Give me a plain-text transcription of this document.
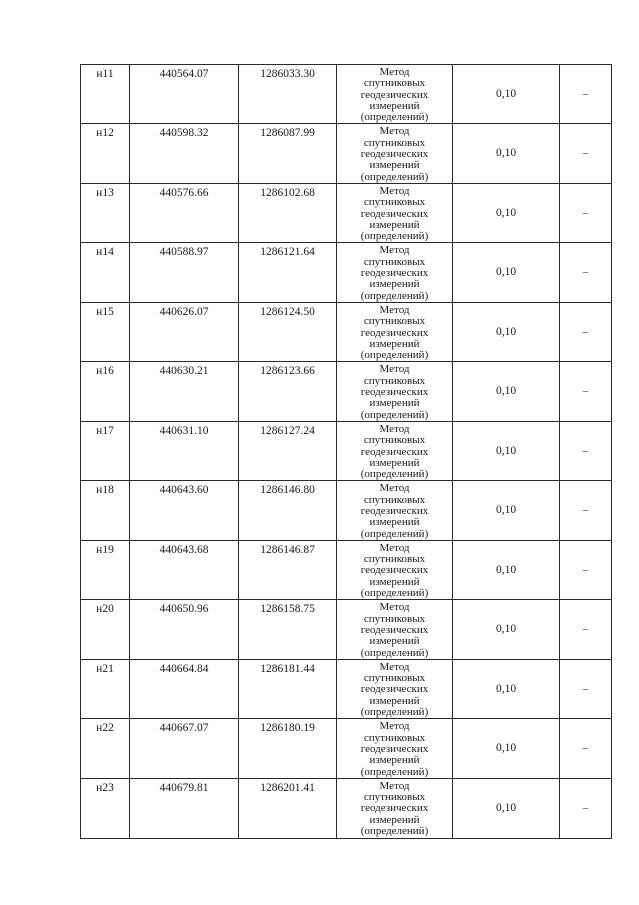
н11	440564.07	1286033.30	Метод
спутниковых
геодезических
измерений
(определений)	0,10	–

н12	440598.32	1286087.99	Метод
спутниковых
геодезических
измерений
(определений)	0,10	–

н13	440576.66	1286102.68	Метод
спутниковых
геодезических
измерений
(определений)	0,10	–

н14	440588.97	1286121.64	Метод
спутниковых
геодезических
измерений
(определений)	0,10	–

н15	440626.07	1286124.50	Метод
спутниковых
геодезических
измерений
(определений)	0,10	–

н16	440630.21	1286123.66	Метод
спутниковых
геодезических
измерений
(определений)	0,10	–

н17	440631.10	1286127.24	Метод
спутниковых
геодезических
измерений
(определений)	0,10	–

н18	440643.60	1286146.80	Метод
спутниковых
геодезических
измерений
(определений)	0,10	–

н19	440643.68	1286146.87	Метод
спутниковых
геодезических
измерений
(определений)	0,10	–

н20	440650.96	1286158.75	Метод
спутниковых
геодезических
измерений
(определений)	0,10	–

н21	440664.84	1286181.44	Метод
спутниковых
геодезических
измерений
(определений)	0,10	–

н22	440667.07	1286180.19	Метод
спутниковых
геодезических
измерений
(определений)	0,10	–

н23	440679.81	1286201.41	Метод
спутниковых
геодезических
измерений
(определений)	0,10	–
